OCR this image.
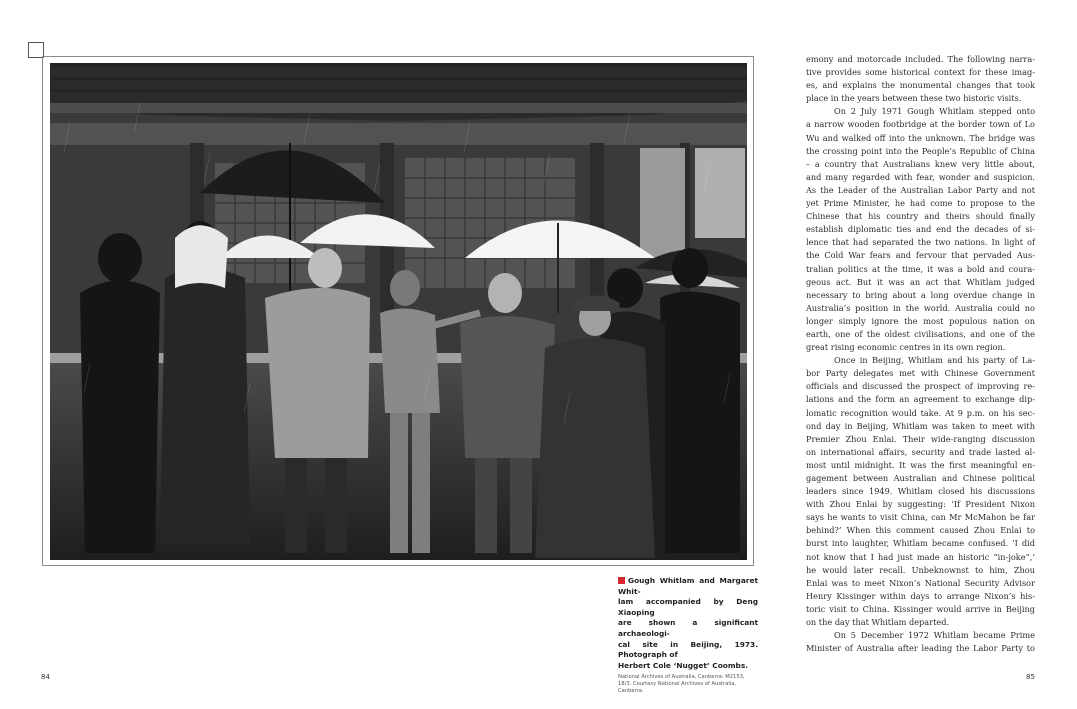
Gough Whitlam and Margaret Whit-
lam accompanied by Deng Xiaoping
are shown a significant archaeologi-
cal site in Beijing, 1973. Photograph of
Herbert Cole ‘Nugget’ Coombs.
National Archives of Australia, Canberra: M2153,
18/3. Courtesy National Archives of Australia,
Canberra.
84	85
emony and motorcade included. The following narra-
tive provides some historical context for these imag-
es, and explains the monumental changes that took
place in the years between these two historic visits.
On 2 July 1971 Gough Whitlam stepped onto
a narrow wooden footbridge at the border town of Lo
Wu and walked off into the unknown. The bridge was
the crossing point into the People’s Republic of China
– a country that Australians knew very little about,
and many regarded with fear, wonder and suspicion.
As the Leader of the Australian Labor Party and not
yet Prime Minister, he had come to propose to the
Chinese that his country and theirs should finally
establish diplomatic ties and end the decades of si-
lence that had separated the two nations. In light of
the Cold War fears and fervour that pervaded Aus-
tralian politics at the time, it was a bold and coura-
geous act. But it was an act that Whitlam judged
necessary to bring about a long overdue change in
Australia’s position in the world. Australia could no
longer simply ignore the most populous nation on
earth, one of the oldest civilisations, and one of the
great rising economic centres in its own region.
Once in Beijing, Whitlam and his party of La-
bor Party delegates met with Chinese Government
officials and discussed the prospect of improving re-
lations and the form an agreement to exchange dip-
lomatic recognition would take. At 9 p.m. on his sec-
ond day in Beijing, Whitlam was taken to meet with
Premier Zhou Enlai. Their wide-ranging discussion
on international affairs, security and trade lasted al-
most until midnight. It was the first meaningful en-
gagement between Australian and Chinese political
leaders since 1949. Whitlam closed his discussions
with Zhou Enlai by suggesting: ‘If President Nixon
says he wants to visit China, can Mr McMahon be far
behind?’ When this comment caused Zhou Enlai to
burst into laughter, Whitlam became confused. ‘I did
not know that I had just made an historic “in-joke”,’
he would later recall. Unbeknownst to him, Zhou
Enlai was to meet Nixon’s National Security Advisor
Henry Kissinger within days to arrange Nixon’s his-
toric visit to China. Kissinger would arrive in Beijing
on the day that Whitlam departed.
On 5 December 1972 Whitlam became Prime
Minister of Australia after leading the Labor Party to
